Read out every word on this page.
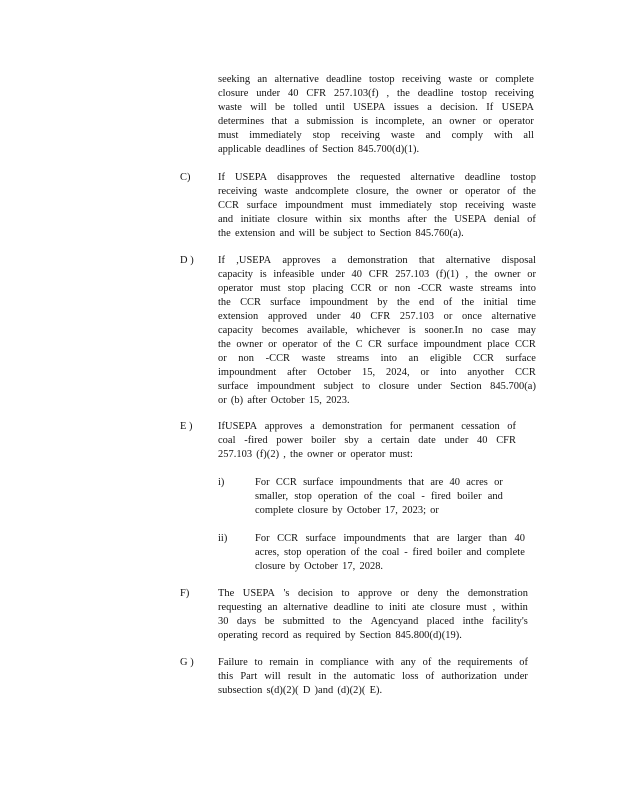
seeking an alternative deadline tostop receiving waste or complete
closure under 40 CFR 257.103(f) , the deadline tostop receiving
waste will be tolled until USEPA issues a decision. If USEPA
determines that a submission is incomplete, an owner or operator
must immediately stop receiving waste and comply with all
applicable deadlines of Section 845.700(d)(1).
C)	If USEPA disapproves the requested alternative deadline tostop
receiving waste andcomplete closure, the owner or operator of the
CCR surface impoundment must immediately stop receiving waste
and initiate closure within six months after the USEPA denial of
the extension and will be subject to Section 845.760(a).
D ) If ,USEPA approves a demonstration that alternative disposal
capacity is infeasible under 40 CFR 257.103 (f)(1) , the owner or
operator must stop placing CCR or non -CCR waste streams into
the CCR surface impoundment by the end of the initial time
extension approved under 40 CFR 257.103 or once alternative
capacity becomes available, whichever is sooner.In no case may
the owner or operator of the C CR surface impoundment place CCR
or non -CCR waste streams into an eligible CCR surface
impoundment after October 15, 2024, or into anyother CCR
surface impoundment subject to closure under Section 845.700(a)
or (b) after October 15, 2023.
E ) IfUSEPA approves a demonstration for permanent cessation of
coal -fired power boiler sby a certain date under 40 CFR
257.103 (f)(2) , the owner or operator must:
i)	For CCR surface impoundments that are 40 acres or
smaller, stop operation of the coal - fired boiler and
complete closure by October 17, 2023; or
ii)	For CCR surface impoundments that are larger than 40
acres, stop operation of the coal - fired boiler and complete
closure by October 17, 2028.
F)	The USEPA 's decision to approve or deny the demonstration
requesting an alternative deadline to initi ate closure must , within
30 days be submitted to the Agencyand placed inthe facility's
operating record as required by Section 845.800(d)(19).
G ) Failure to remain in compliance with any of the requirements of
this Part will result in the automatic loss of authorization under
subsection s(d)(2)( D )and (d)(2)( E).
